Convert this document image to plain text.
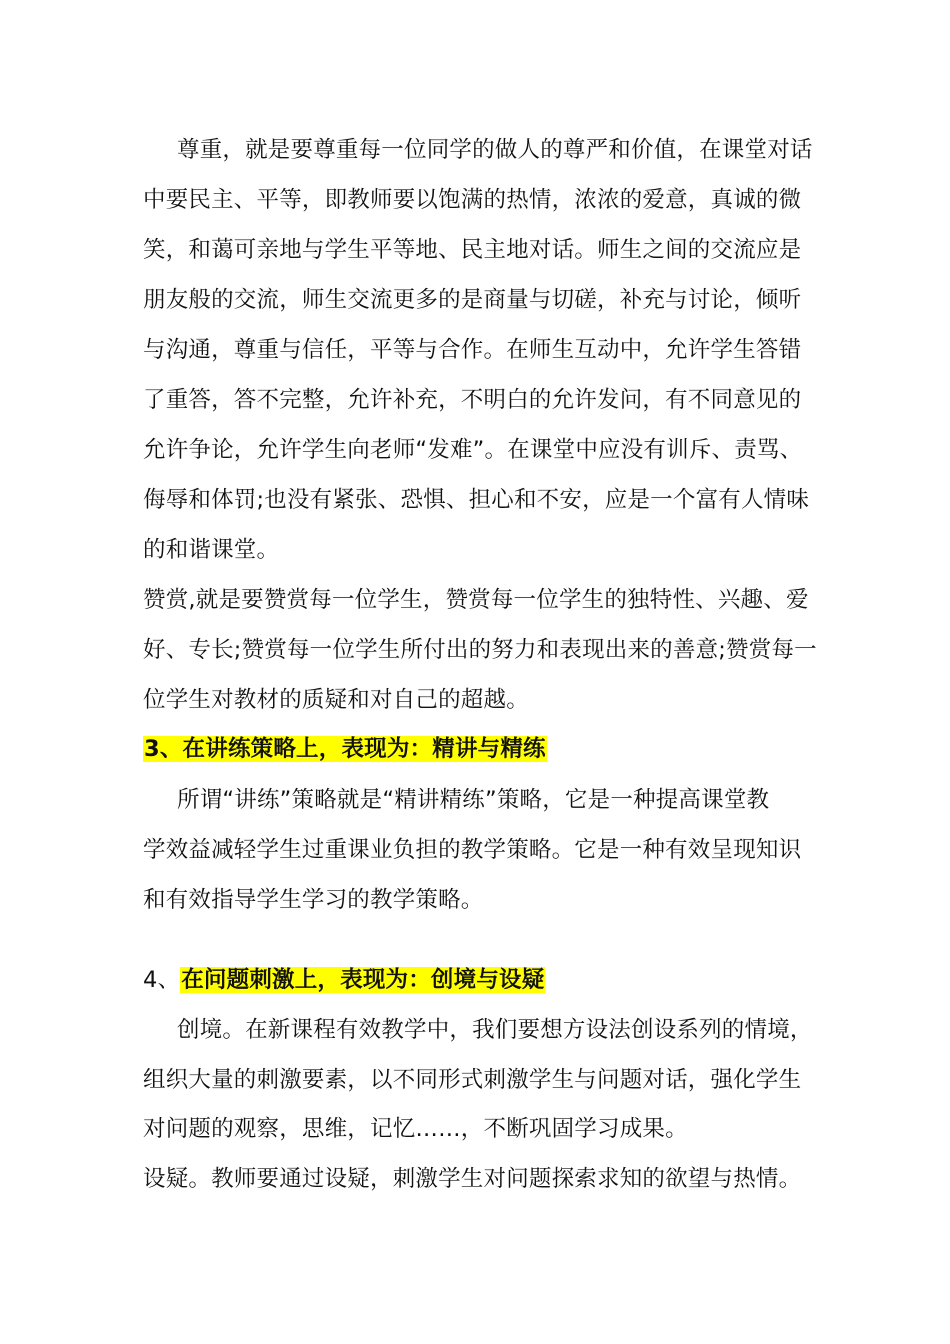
尊重，就是要尊重每一位同学的做人的尊严和价值，在课堂对话
中要民主、平等，即教师要以饱满的热情，浓浓的爱意，真诚的微
笑，和蔼可亲地与学生平等地、民主地对话。师生之间的交流应是
朋友般的交流，师生交流更多的是商量与切磋，补充与讨论，倾听
与沟通，尊重与信任，平等与合作。在师生互动中，允许学生答错
了重答，答不完整，允许补充，不明白的允许发问，有不同意见的
允许争论，允许学生向老师“发难”。在课堂中应没有训斥、责骂、
侮辱和体罚;也没有紧张、恐惧、担心和不安，应是一个富有人情味
的和谐课堂。
赞赏,就是要赞赏每一位学生，赞赏每一位学生的独特性、兴趣、爱
好、专长;赞赏每一位学生所付出的努力和表现出来的善意;赞赏每一
位学生对教材的质疑和对自己的超越。
3、在讲练策略上，表现为：精讲与精练
所谓“讲练”策略就是“精讲精练”策略，它是一种提高课堂教
学效益减轻学生过重课业负担的教学策略。它是一种有效呈现知识
和有效指导学生学习的教学策略。
4、在问题刺激上，表现为：创境与设疑
创境。在新课程有效教学中，我们要想方设法创设系列的情境，
组织大量的刺激要素，以不同形式刺激学生与问题对话，强化学生
对问题的观察，思维，记忆……，不断巩固学习成果。
设疑。教师要通过设疑，刺激学生对问题探索求知的欲望与热情。
